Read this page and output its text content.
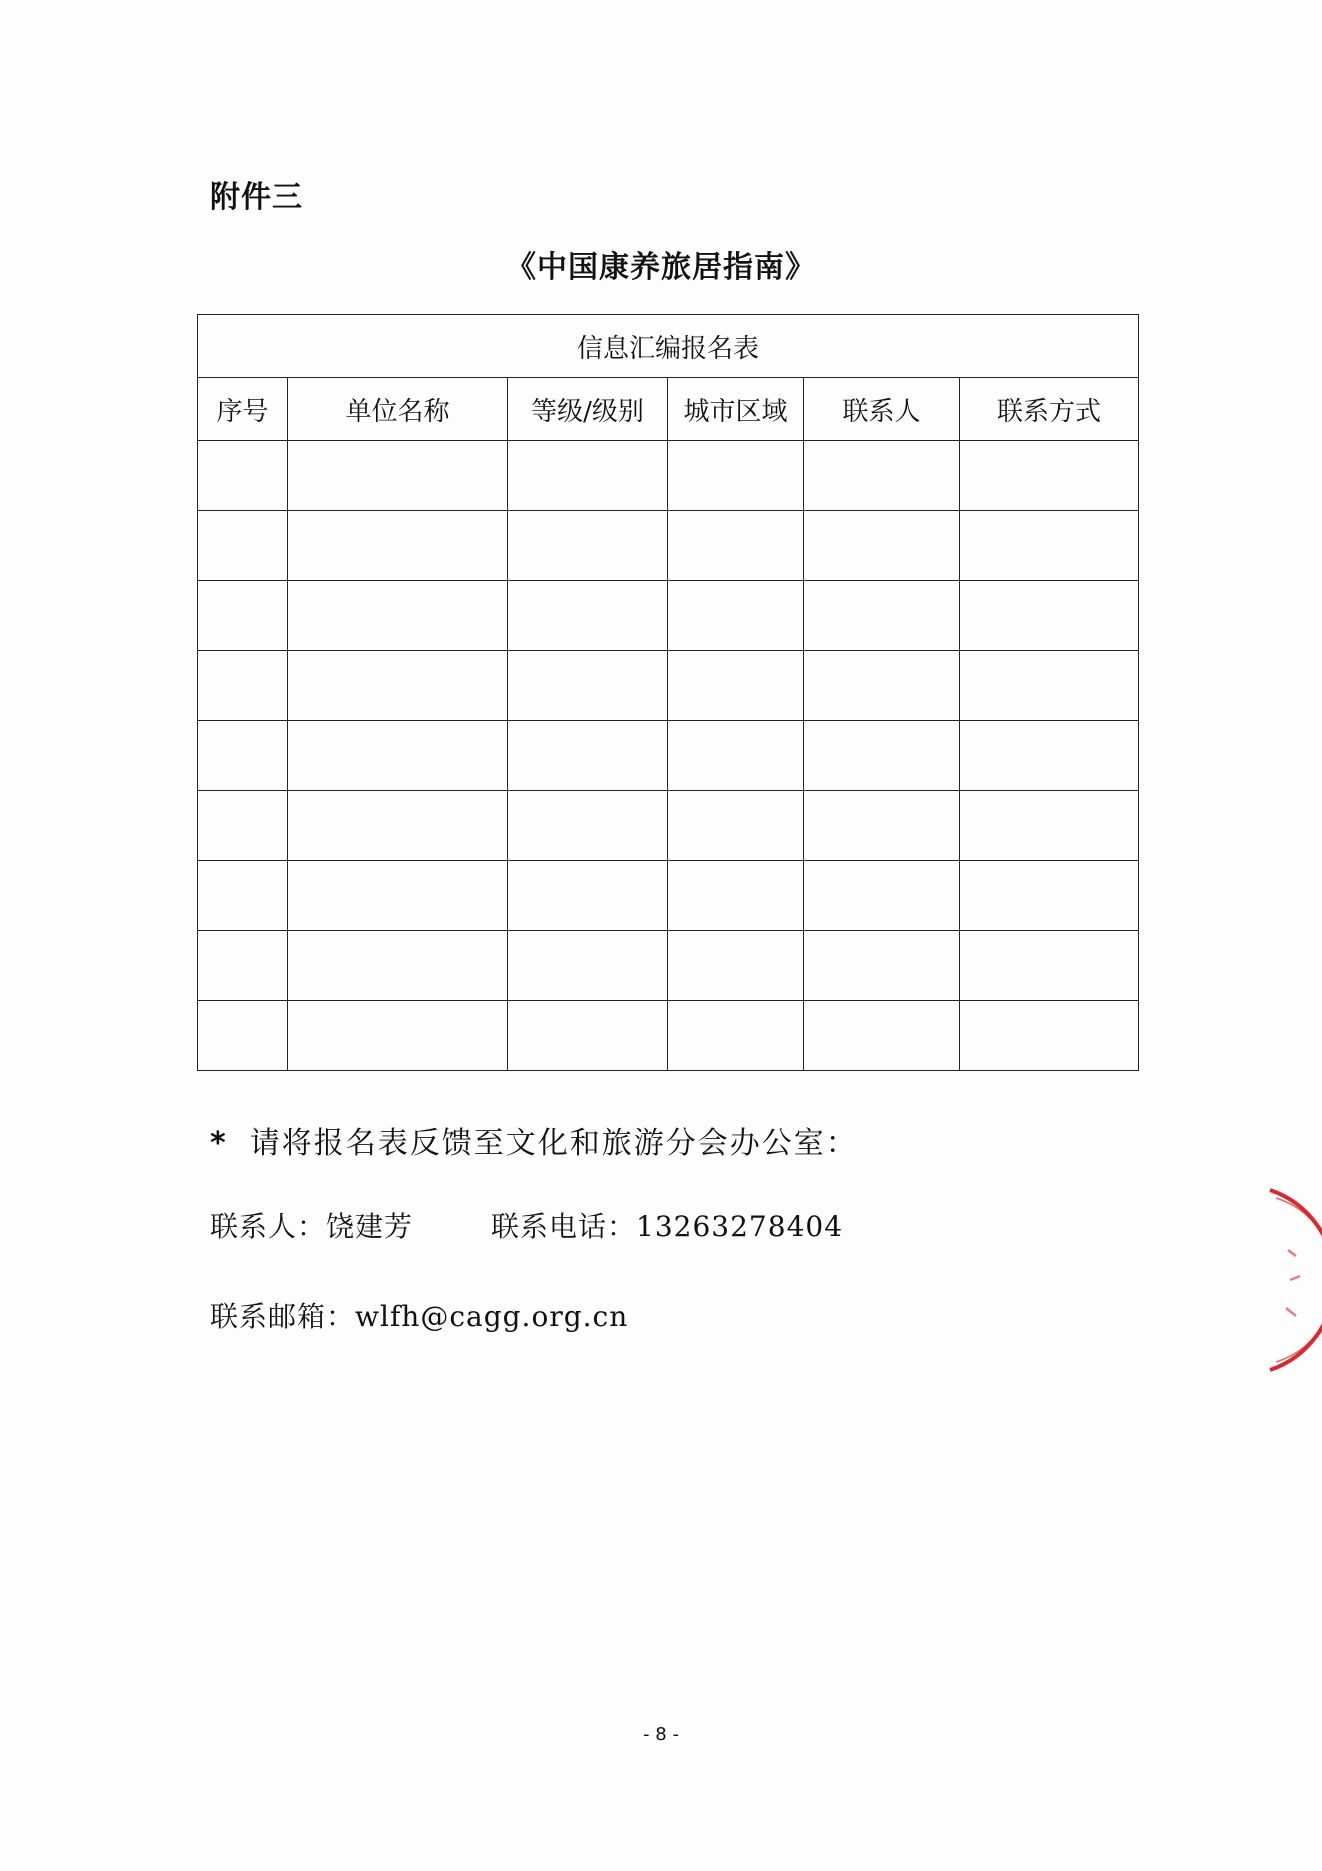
附件三
《中国康养旅居指南》
信息汇编报名表					
序号	单位名称	等级/级别	城市区域	联系人	联系方式

* 请将报名表反馈至文化和旅游分会办公室：
联系人：饶建芳	联系电话：13263278404
联系邮箱：wlfh@cagg.org.cn
- 8 -
